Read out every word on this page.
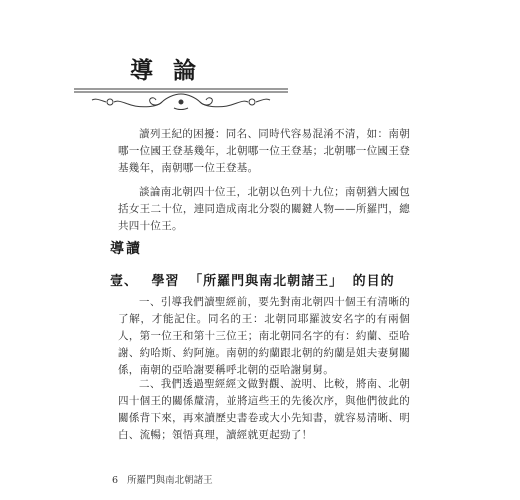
導 論

讀列王紀的困擾：同名、同時代容易混淆不清，如：南朝哪一位國王登基幾年，北朝哪一位王登基；北朝哪一位國王登基幾年，南朝哪一位王登基。

談論南北朝四十位王，北朝以色列十九位；南朝猶大國包括女王二十位，連同造成南北分裂的關鍵人物——所羅門，總共四十位王。

導讀
壹、 學習 「所羅門與南北朝諸王」 的目的

一、引導我們讀聖經前，要先對南北朝四十個王有清晰的了解，才能記住。同名的王：北朝同耶羅波安名字的有兩個人，第一位王和第十三位王；南北朝同名字的有：約蘭、亞哈謝、約哈斯、約阿施。南朝的約蘭跟北朝的約蘭是姐夫妻舅關係，南朝的亞哈謝要稱呼北朝的亞哈謝舅舅。

二、我們透過聖經經文做對觀、說明、比較，將南、北朝四十個王的關係釐清，並將這些王的先後次序，與他們彼此的關係背下來，再來讀歷史書卷或大小先知書，就容易清晰、明白、流暢；領悟真理，讀經就更起勁了！

6 所羅門與南北朝諸王
